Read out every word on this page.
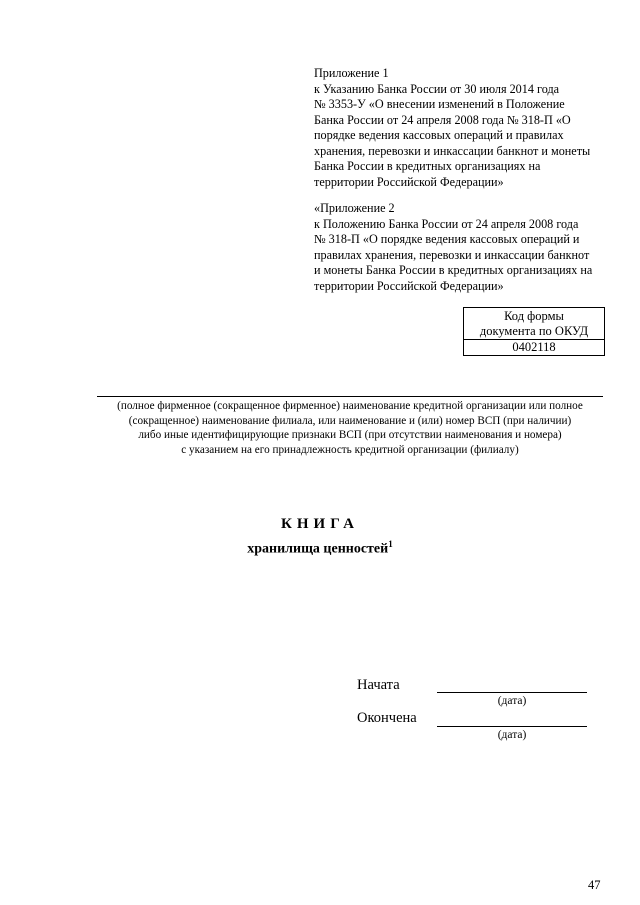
Приложение 1
к Указанию Банка России от 30 июля 2014 года
№ 3353-У «О внесении изменений в Положение
Банка России от 24 апреля 2008 года № 318-П «О
порядке ведения кассовых операций и правилах
хранения, перевозки и инкассации банкнот и монеты
Банка России в кредитных организациях на
территории Российской Федерации»
«Приложение 2
к Положению Банка России от 24 апреля 2008 года
№ 318-П «О порядке ведения кассовых операций и
правилах хранения, перевозки и инкассации банкнот
и монеты Банка России в кредитных организациях на
территории Российской Федерации»
Код формы
документа по ОКУД
0402118
(полное фирменное (сокращенное фирменное) наименование кредитной организации или полное
(сокращенное) наименование филиала, или наименование и (или) номер ВСП (при наличии)
либо иные идентифицирующие признаки ВСП (при отсутствии наименования и номера)
с указанием на его принадлежность кредитной организации (филиалу)
КНИГА
хранилища ценностей$^1$
Начата
(дата)
Окончена
(дата)
47
